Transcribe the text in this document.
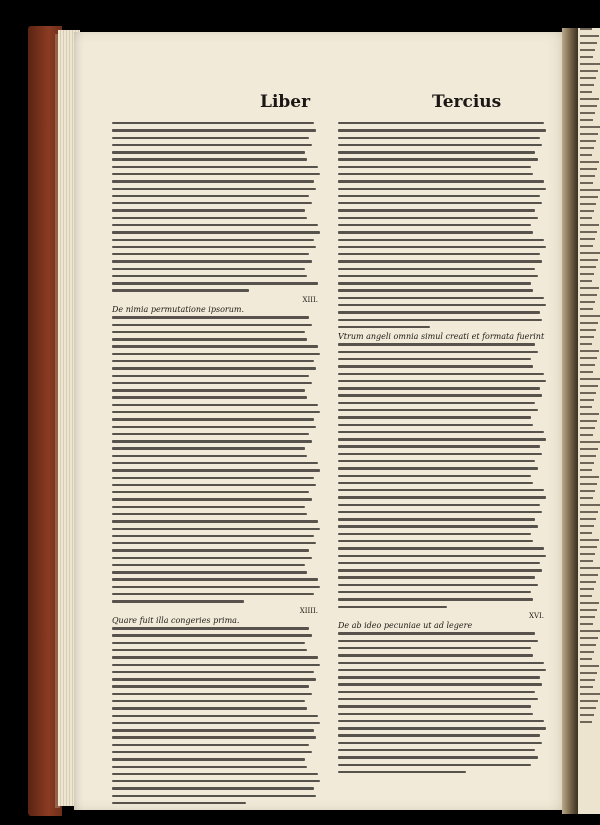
Liber	Tercius
XIII.
De nimia permutatione ipsorum.
XIIII.
Quare fuit illa congeries prima.
Vtrum angeli omnia simul creati et formata fuerint
XVI.
De ab ideo pecuniae ut ad legere
